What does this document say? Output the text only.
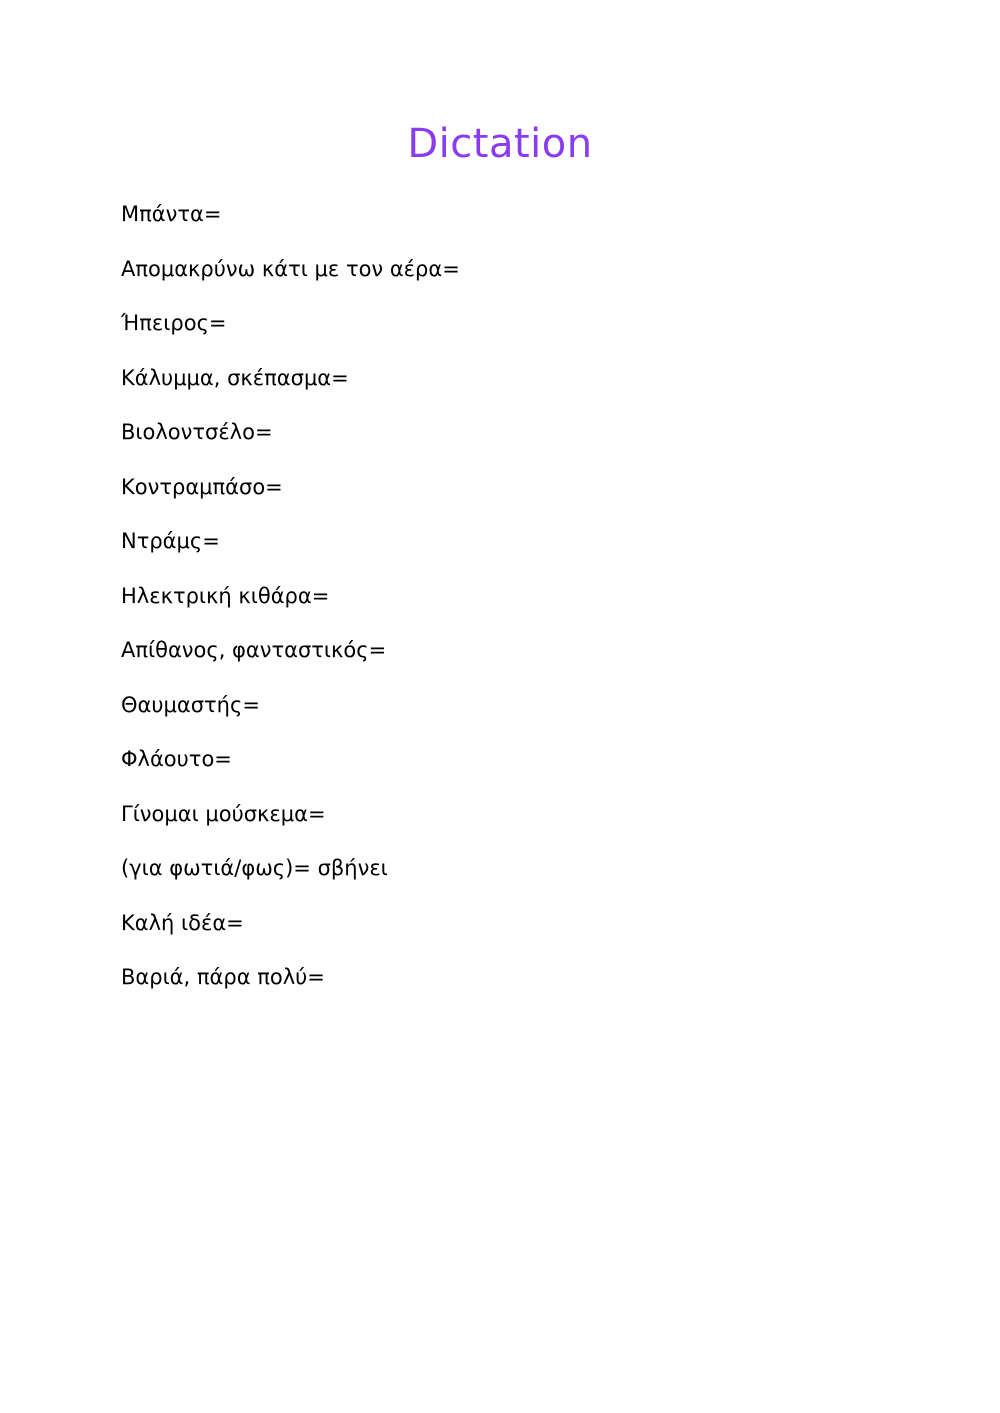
Dictation
Μπάντα=
Απομακρύνω κάτι με τον αέρα=
Ήπειρος=
Κάλυμμα, σκέπασμα=
Βιολοντσέλο=
Κοντραμπάσο=
Ντράμς=
Ηλεκτρική κιθάρα=
Απίθανος, φανταστικός=
Θαυμαστής=
Φλάουτο=
Γίνομαι μούσκεμα=
(για φωτιά/φως)= σβήνει
Καλή ιδέα=
Βαριά, πάρα πολύ=
